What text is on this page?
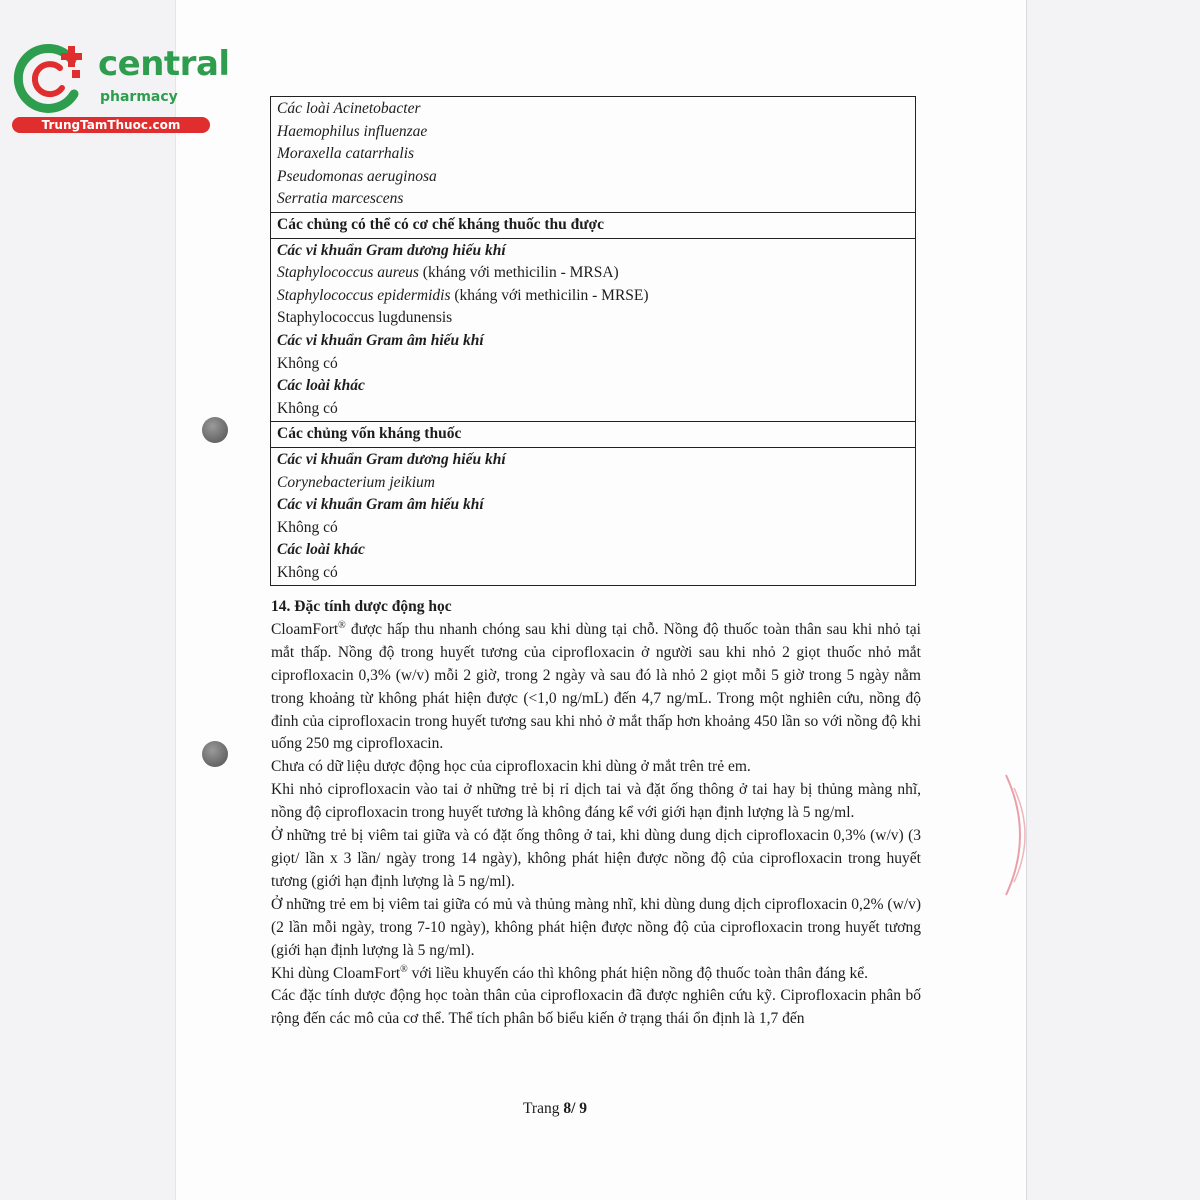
central
pharmacy
TrungTamThuoc.com
Các loài Acinetobacter
Haemophilus influenzae
Moraxella catarrhalis
Pseudomonas aeruginosa
Serratia marcescens
Các chủng có thể có cơ chế kháng thuốc thu được
Các vi khuẩn Gram dương hiếu khí
Staphylococcus aureus (kháng với methicilin - MRSA)
Staphylococcus epidermidis (kháng với methicilin - MRSE)
Staphylococcus lugdunensis
Các vi khuẩn Gram âm hiếu khí
Không có
Các loài khác
Không có
Các chủng vốn kháng thuốc
Các vi khuẩn Gram dương hiếu khí
Corynebacterium jeikium
Các vi khuẩn Gram âm hiếu khí
Không có
Các loài khác
Không có
14. Đặc tính dược động học

CloamFort® được hấp thu nhanh chóng sau khi dùng tại chỗ. Nồng độ thuốc toàn thân sau khi nhỏ tại mắt thấp. Nồng độ trong huyết tương của ciprofloxacin ở người sau khi nhỏ 2 giọt thuốc nhỏ mắt ciprofloxacin 0,3% (w/v) mỗi 2 giờ, trong 2 ngày và sau đó là nhỏ 2 giọt mỗi 5 giờ trong 5 ngày nằm trong khoảng từ không phát hiện được (<1,0 ng/mL) đến 4,7 ng/mL. Trong một nghiên cứu, nồng độ đỉnh của ciprofloxacin trong huyết tương sau khi nhỏ ở mắt thấp hơn khoảng 450 lần so với nồng độ khi uống 250 mg ciprofloxacin.

Chưa có dữ liệu dược động học của ciprofloxacin khi dùng ở mắt trên trẻ em.

Khi nhỏ ciprofloxacin vào tai ở những trẻ bị rỉ dịch tai và đặt ống thông ở tai hay bị thủng màng nhĩ, nồng độ ciprofloxacin trong huyết tương là không đáng kể với giới hạn định lượng là 5 ng/ml.

Ở những trẻ bị viêm tai giữa và có đặt ống thông ở tai, khi dùng dung dịch ciprofloxacin 0,3% (w/v) (3 giọt/ lần x 3 lần/ ngày trong 14 ngày), không phát hiện được nồng độ của ciprofloxacin trong huyết tương (giới hạn định lượng là 5 ng/ml).

Ở những trẻ em bị viêm tai giữa có mủ và thủng màng nhĩ, khi dùng dung dịch ciprofloxacin 0,2% (w/v) (2 lần mỗi ngày, trong 7-10 ngày), không phát hiện được nồng độ của ciprofloxacin trong huyết tương (giới hạn định lượng là 5 ng/ml).

Khi dùng CloamFort® với liều khuyến cáo thì không phát hiện nồng độ thuốc toàn thân đáng kể.

Các đặc tính dược động học toàn thân của ciprofloxacin đã được nghiên cứu kỹ. Ciprofloxacin phân bố rộng đến các mô của cơ thể. Thể tích phân bố biểu kiến ở trạng thái ổn định là 1,7 đến

Trang 8/ 9
